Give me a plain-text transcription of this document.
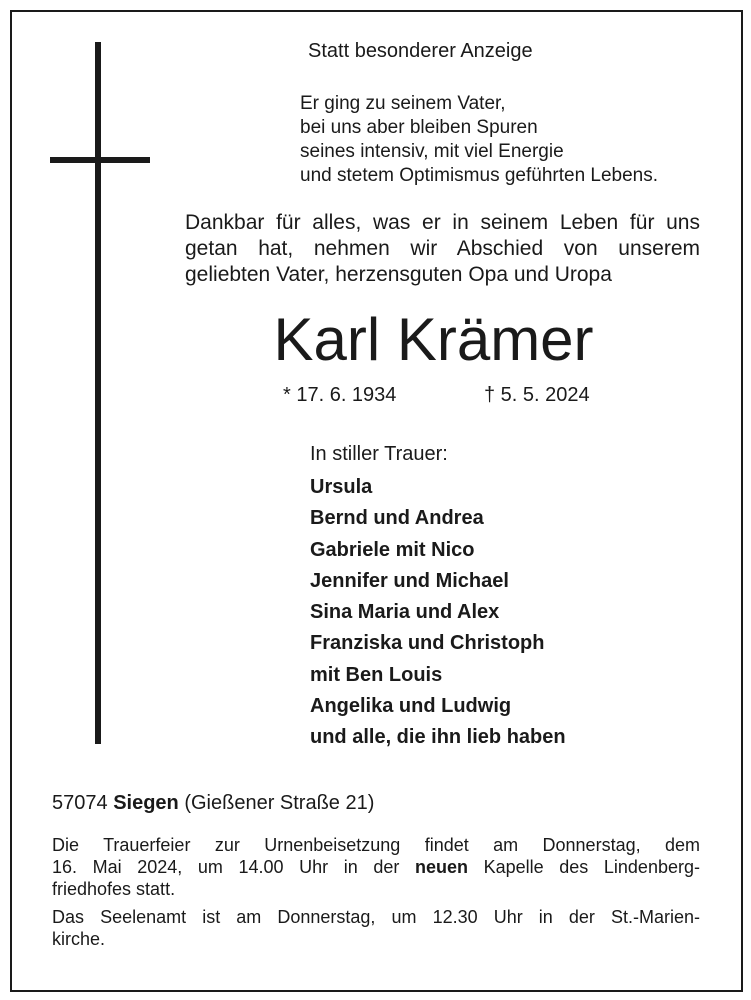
Statt besonderer Anzeige
Er ging zu seinem Vater,
bei uns aber bleiben Spuren
seines intensiv, mit viel Energie
und stetem Optimismus geführten Lebens.
Dankbar für alles, was er in seinem Leben für uns
getan hat, nehmen wir Abschied von unserem
geliebten Vater, herzensguten Opa und Uropa
Karl Krämer
* 17. 6. 1934	† 5. 5. 2024
In stiller Trauer:
Ursula
Bernd und Andrea
Gabriele mit Nico
Jennifer und Michael
Sina Maria und Alex
Franziska und Christoph
mit Ben Louis
Angelika und Ludwig
und alle, die ihn lieb haben
57074 Siegen (Gießener Straße 21)
Die Trauerfeier zur Urnenbeisetzung findet am Donnerstag, dem
16. Mai 2024, um 14.00 Uhr in der neuen Kapelle des Lindenberg-
friedhofes statt.
Das Seelenamt ist am Donnerstag, um 12.30 Uhr in der St.-Marien-
kirche.
